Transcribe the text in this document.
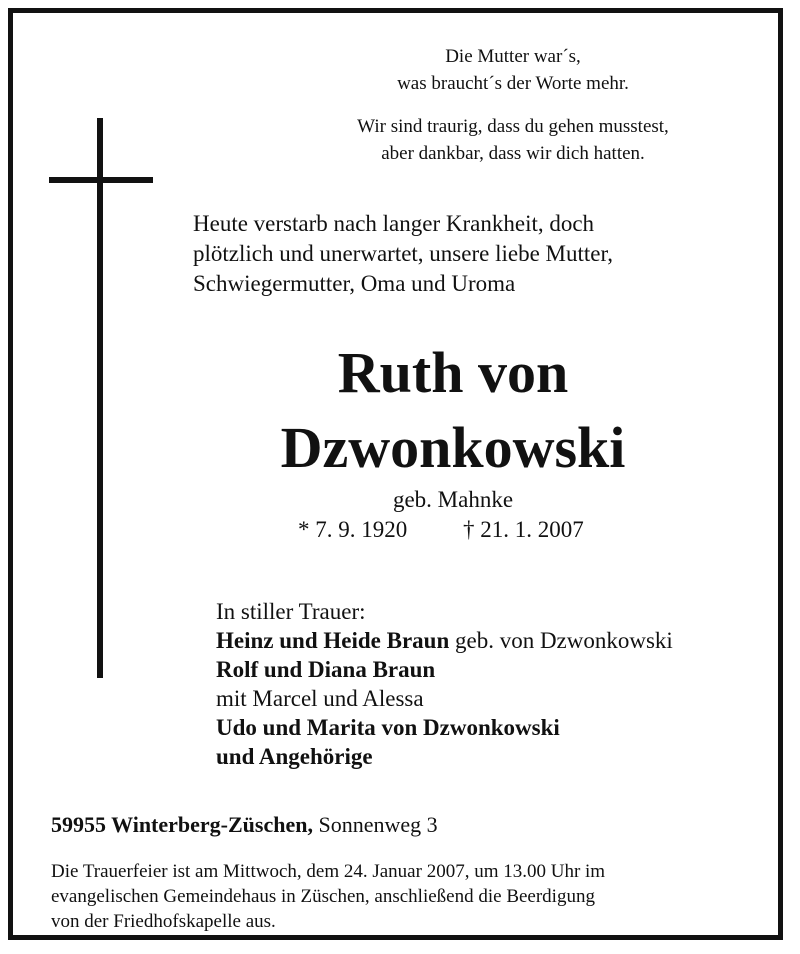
Die Mutter war´s,
was braucht´s der Worte mehr.
Wir sind traurig, dass du gehen musstest,
aber dankbar, dass wir dich hatten.
Heute verstarb nach langer Krankheit, doch
plötzlich und unerwartet, unsere liebe Mutter,
Schwiegermutter, Oma und Uroma
Ruth von
Dzwonkowski
geb. Mahnke
* 7. 9. 1920 † 21. 1. 2007
In stiller Trauer:
Heinz und Heide Braun geb. von Dzwonkowski
Rolf und Diana Braun
mit Marcel und Alessa
Udo und Marita von Dzwonkowski
und Angehörige
59955 Winterberg-Züschen, Sonnenweg 3
Die Trauerfeier ist am Mittwoch, dem 24. Januar 2007, um 13.00 Uhr im
evangelischen Gemeindehaus in Züschen, anschließend die Beerdigung
von der Friedhofskapelle aus.
